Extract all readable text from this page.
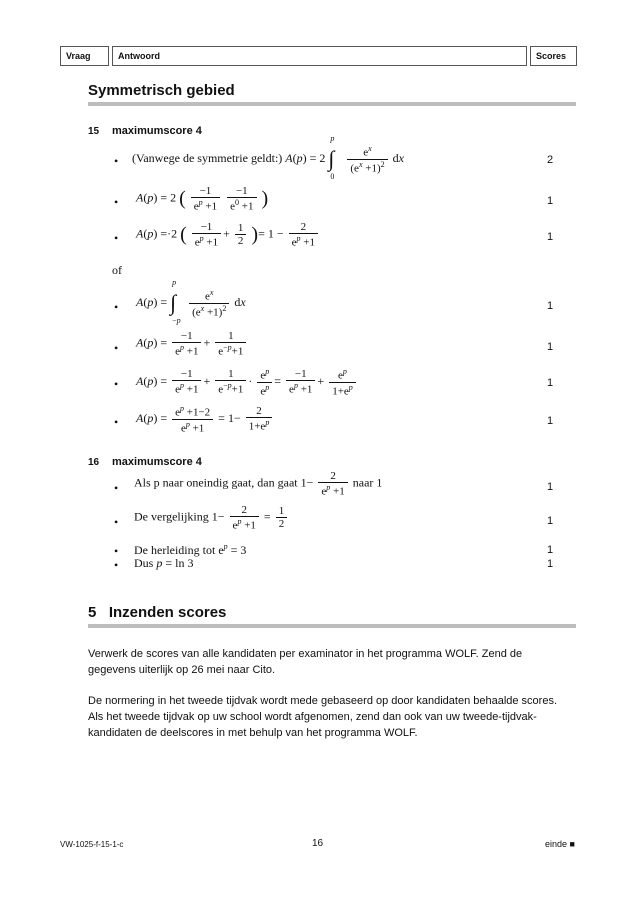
Vraag	Antwoord	Scores
Symmetrisch gebied
15 maximumscore 4
• (Vanwege de symmetrie geldt:) A(p) = 2 ∫
p
0

$\frac{e^x}{(e^x +1)^2}$ dx	2
• A(p) = 2 ( $\frac{-1}{e^p +1}$
$\frac{-1}{e^0 +1}$ )	1
• A(p) =·2 ( $\frac{-1}{e^p +1} + \frac{1}{2}$ )= $1 - \frac{2}{e^p +1}$	1
of
• A(p) = ∫
p
−p

$\frac{e^x}{(e^x +1)^2}$ dx	1
• $A(p) = \frac{-1}{e^p +1} + \frac{1}{e^{-p}+1}$	1
• $A(p) = \frac{-1}{e^p +1} + \frac{1}{e^{-p}+1} \cdot \frac{e^p}{e^p} = \frac{-1}{e^p +1} + \frac{e^p}{1+e^p}$	1
• $A(p) = \frac{e^p +1-2}{e^p +1} = 1- \frac{2}{1+e^p}$	1
16 maximumscore 4
• Als p naar oneindig gaat, dan gaat $1- \frac{2}{e^p +1}$ naar 1	1
• De vergelijking $1- \frac{2}{e^p +1} = \frac{1}{2}$	1
• De herleiding tot $e^p = 3$	1
• Dus p = ln 3	1
5   Inzenden scores
Verwerk de scores van alle kandidaten per examinator in het programma WOLF. Zend de gegevens uiterlijk op 26 mei naar Cito.
De normering in het tweede tijdvak wordt mede gebaseerd op door kandidaten behaalde scores. Als het tweede tijdvak op uw school wordt afgenomen, zend dan ook van uw tweede-tijdvak-kandidaten de deelscores in met behulp van het programma WOLF.
VW-1025-f-15-1-c	16	einde ■
